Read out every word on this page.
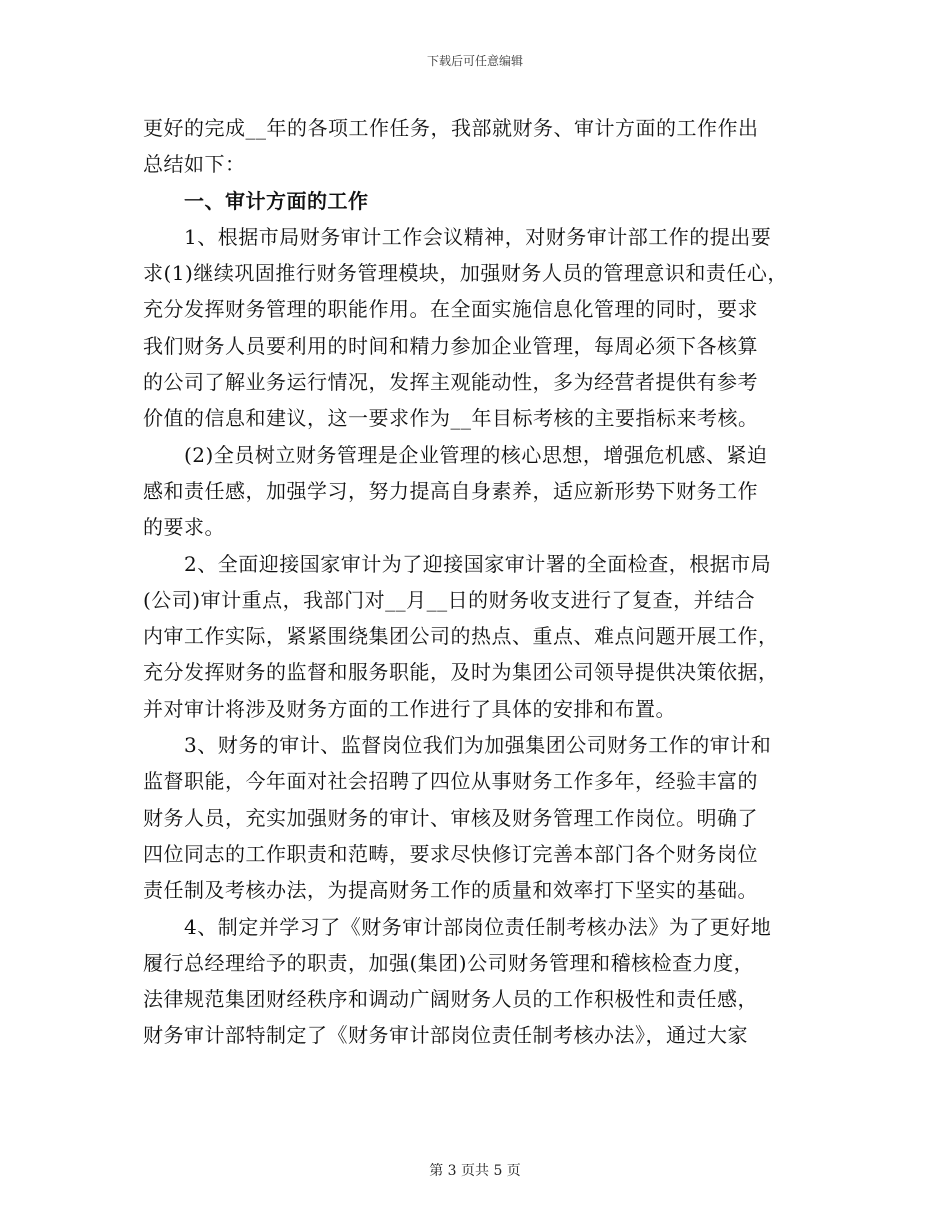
下载后可任意编辑
更好的完成__年的各项工作任务，我部就财务、审计方面的工作作出
总结如下：
　　一、审计方面的工作
　　1、根据市局财务审计工作会议精神，对财务审计部工作的提出要
求(1)继续巩固推行财务管理模块，加强财务人员的管理意识和责任心，
充分发挥财务管理的职能作用。在全面实施信息化管理的同时，要求
我们财务人员要利用的时间和精力参加企业管理，每周必须下各核算
的公司了解业务运行情况，发挥主观能动性，多为经营者提供有参考
价值的信息和建议，这一要求作为__年目标考核的主要指标来考核。
　　(2)全员树立财务管理是企业管理的核心思想，增强危机感、紧迫
感和责任感，加强学习，努力提高自身素养，适应新形势下财务工作
的要求。
　　2、全面迎接国家审计为了迎接国家审计署的全面检查，根据市局
(公司)审计重点，我部门对__月__日的财务收支进行了复查，并结合
内审工作实际，紧紧围绕集团公司的热点、重点、难点问题开展工作，
充分发挥财务的监督和服务职能，及时为集团公司领导提供决策依据，
并对审计将涉及财务方面的工作进行了具体的安排和布置。
　　3、财务的审计、监督岗位我们为加强集团公司财务工作的审计和
监督职能，今年面对社会招聘了四位从事财务工作多年，经验丰富的
财务人员，充实加强财务的审计、审核及财务管理工作岗位。明确了
四位同志的工作职责和范畴，要求尽快修订完善本部门各个财务岗位
责任制及考核办法，为提高财务工作的质量和效率打下坚实的基础。
　　4、制定并学习了《财务审计部岗位责任制考核办法》为了更好地
履行总经理给予的职责，加强(集团)公司财务管理和稽核检查力度，
法律规范集团财经秩序和调动广阔财务人员的工作积极性和责任感，
财务审计部特制定了《财务审计部岗位责任制考核办法》，通过大家
第 3 页共 5 页
